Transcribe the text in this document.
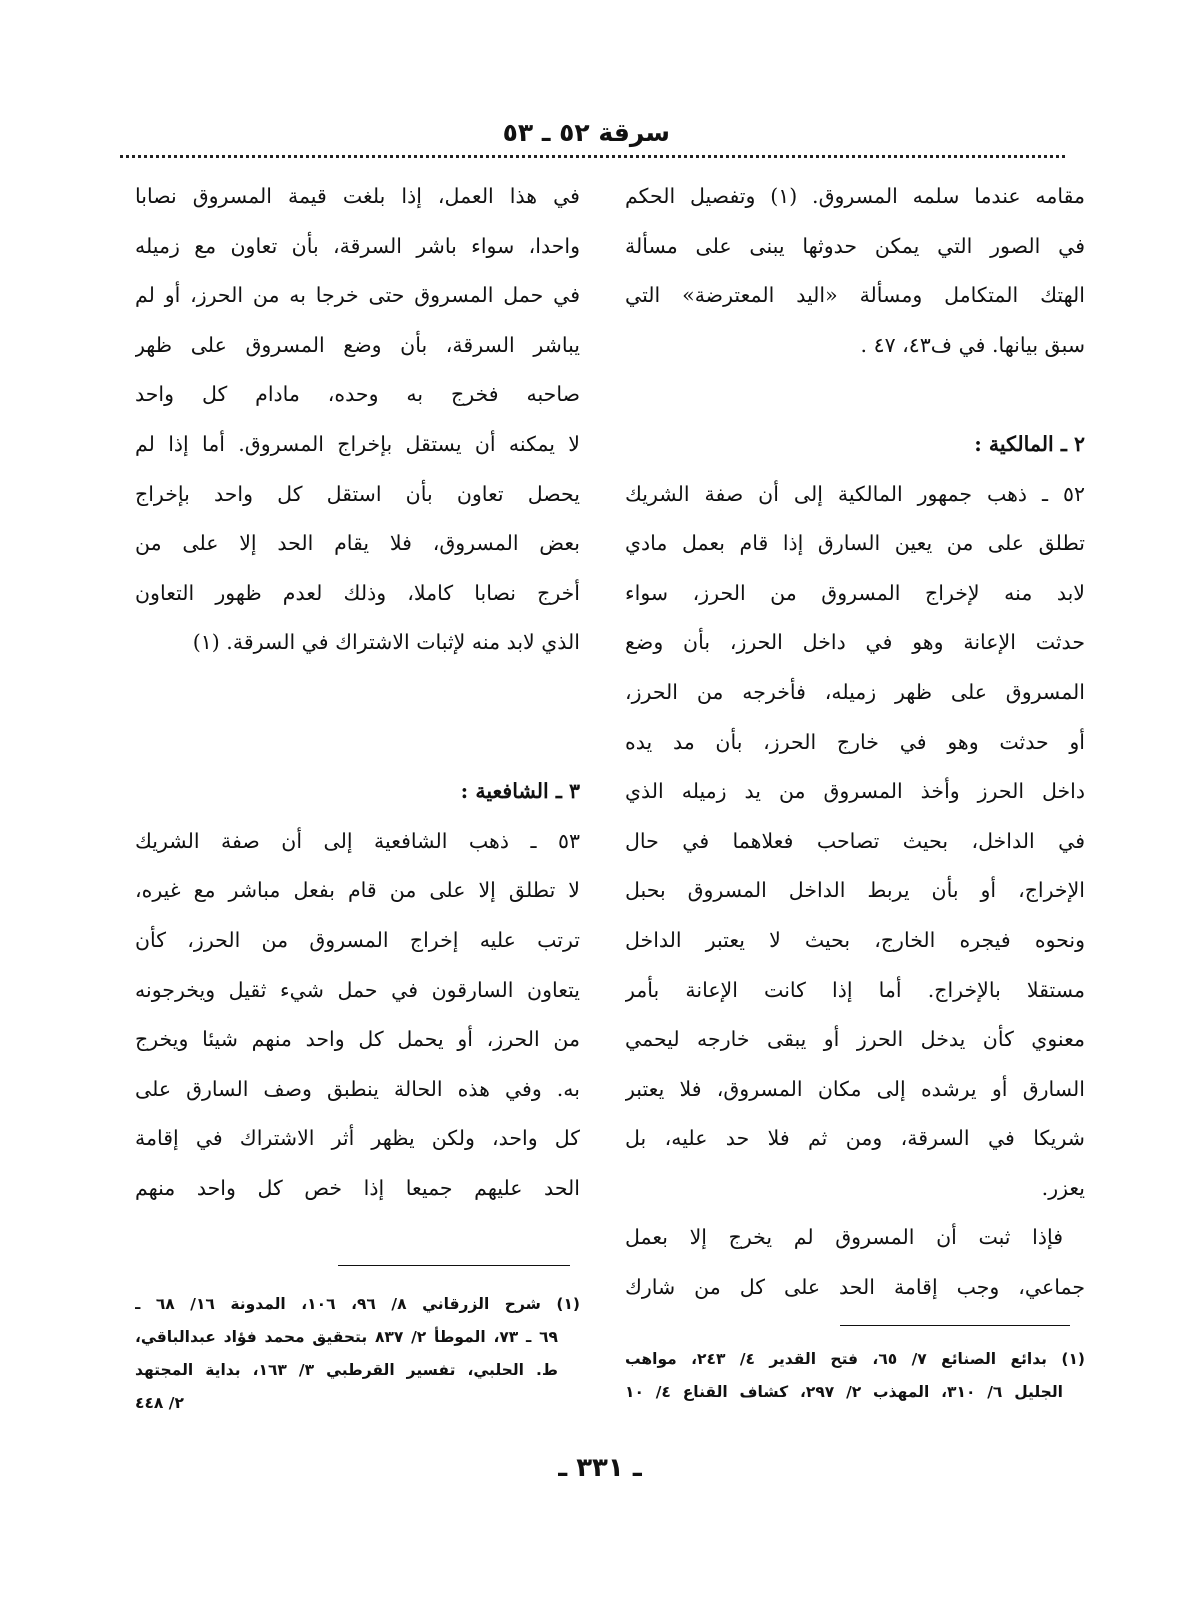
سرقة ٥٢ ـ ٥٣
مقامه عندما سلمه المسروق. (١) وتفصيل الحكم
في الصور التي يمكن حدوثها يبنى على مسألة
الهتك المتكامل ومسألة «اليد المعترضة» التي
سبق بيانها. في ف٤٣، ٤٧ .
٢ ـ المالكية :
٥٢ ـ ذهب جمهور المالكية إلى أن صفة الشريك
تطلق على من يعين السارق إذا قام بعمل مادي
لابد منه لإخراج المسروق من الحرز، سواء
حدثت الإعانة وهو في داخل الحرز، بأن وضع
المسروق على ظهر زميله، فأخرجه من الحرز،
أو حدثت وهو في خارج الحرز، بأن مد يده
داخل الحرز وأخذ المسروق من يد زميله الذي
في الداخل، بحيث تصاحب فعلاهما في حال
الإخراج، أو بأن يربط الداخل المسروق بحبل
ونحوه فيجره الخارج، بحيث لا يعتبر الداخل
مستقلا بالإخراج. أما إذا كانت الإعانة بأمر
معنوي كأن يدخل الحرز أو يبقى خارجه ليحمي
السارق أو يرشده إلى مكان المسروق، فلا يعتبر
شريكا في السرقة، ومن ثم فلا حد عليه، بل
يعزر.
فإذا ثبت أن المسروق لم يخرج إلا بعمل
جماعي، وجب إقامة الحد على كل من شارك
في هذا العمل، إذا بلغت قيمة المسروق نصابا
واحدا، سواء باشر السرقة، بأن تعاون مع زميله
في حمل المسروق حتى خرجا به من الحرز، أو لم
يباشر السرقة، بأن وضع المسروق على ظهر
صاحبه فخرج به وحده، مادام كل واحد
لا يمكنه أن يستقل بإخراج المسروق. أما إذا لم
يحصل تعاون بأن استقل كل واحد بإخراج
بعض المسروق، فلا يقام الحد إلا على من
أخرج نصابا كاملا، وذلك لعدم ظهور التعاون
الذي لابد منه لإثبات الاشتراك في السرقة. (١)
٣ ـ الشافعية :
٥٣ ـ ذهب الشافعية إلى أن صفة الشريك
لا تطلق إلا على من قام بفعل مباشر مع غيره،
ترتب عليه إخراج المسروق من الحرز، كأن
يتعاون السارقون في حمل شيء ثقيل ويخرجونه
من الحرز، أو يحمل كل واحد منهم شيئا ويخرج
به. وفي هذه الحالة ينطبق وصف السارق على
كل واحد، ولكن يظهر أثر الاشتراك في إقامة
الحد عليهم جميعا إذا خص كل واحد منهم
(١) شرح الزرقاني ٨/ ٩٦، ١٠٦، المدونة ١٦/ ٦٨ ـ
٦٩ ـ ٧٣، الموطأ ٢/ ٨٣٧ بتحقيق محمد فؤاد عبدالباقي،
ط. الحلبي، تفسير القرطبي ٣/ ١٦٣، بداية المجتهد
٢/ ٤٤٨
(١) بدائع الصنائع ٧/ ٦٥، فتح القدير ٤/ ٢٤٣، مواهب
الجليل ٦/ ٣١٠، المهذب ٢/ ٢٩٧، كشاف القناع ٤/ ١٠
ـ ٣٣١ ـ
